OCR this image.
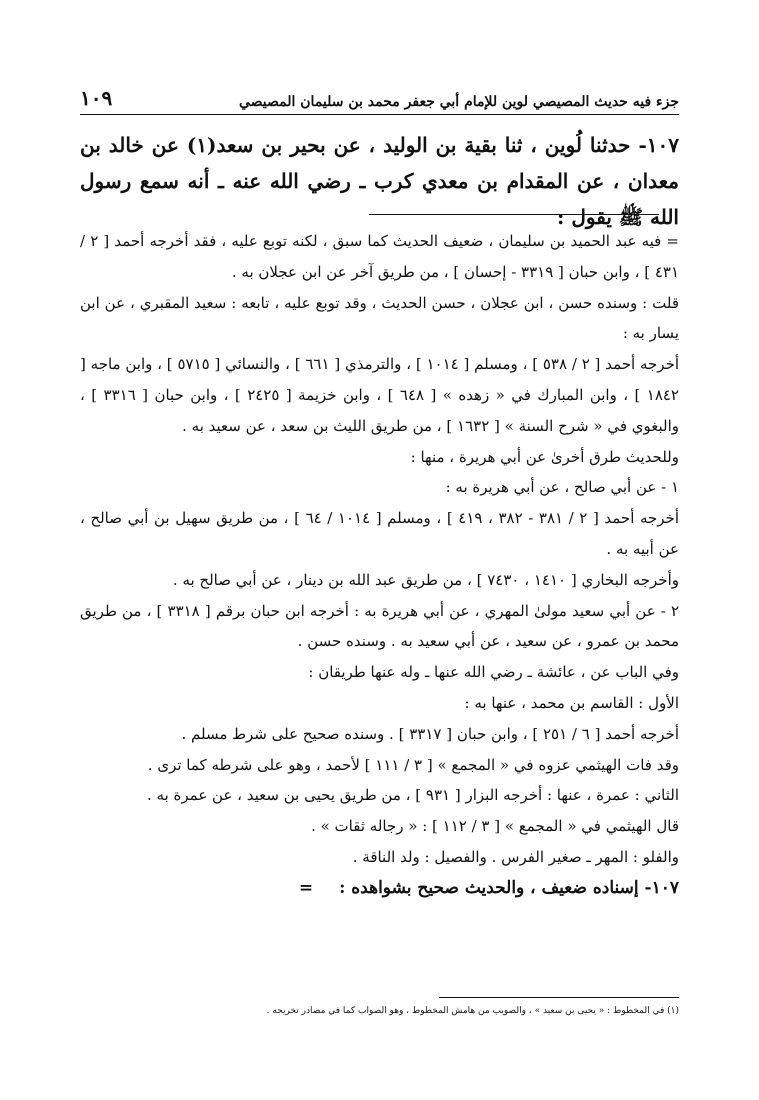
جزء فيه حديث المصيصي لوين للإمام أبي جعفر محمد بن سليمان المصيصي
١٠٩
١٠٧- حدثنا لُوين ، ثنا بقية بن الوليد ، عن بحير بن سعد(١) عن خالد بن معدان ، عن المقدام بن معدي كرب ـ رضي الله عنه ـ أنه سمع رسول الله ﷺ يقول :

= فيه عبد الحميد بن سليمان ، ضعيف الحديث كما سبق ، لكنه توبع عليه ، فقد أخرجه أحمد [ ٢ / ٤٣١ ] ، وابن حبان [ ٣٣١٩ - إحسان ] ، من طريق آخر عن ابن عجلان به .

قلت : وسنده حسن ، ابن عجلان ، حسن الحديث ، وقد توبع عليه ، تابعه : سعيد المقبري ، عن ابن يسار به :

أخرجه أحمد [ ٢ / ٥٣٨ ] ، ومسلم [ ١٠١٤ ] ، والترمذي [ ٦٦١ ] ، والنسائي [ ٥٧١٥ ] ، وابن ماجه [ ١٨٤٢ ] ، وابن المبارك في « زهده » [ ٦٤٨ ] ، وابن خزيمة [ ٢٤٢٥ ] ، وابن حبان [ ٣٣١٦ ] ، والبغوي في « شرح السنة » [ ١٦٣٢ ] ، من طريق الليث بن سعد ، عن سعيد به .

وللحديث طرق أخرىٰ عن أبي هريرة ، منها :

١ - عن أبي صالح ، عن أبي هريرة به :

أخرجه أحمد [ ٢ / ٣٨١ - ٣٨٢ ، ٤١٩ ] ، ومسلم [ ١٠١٤ / ٦٤ ] ، من طريق سهيل بن أبي صالح ، عن أبيه به .

وأخرجه البخاري [ ١٤١٠ ، ٧٤٣٠ ] ، من طريق عبد الله بن دينار ، عن أبي صالح به .

٢ - عن أبي سعيد مولىٰ المهري ، عن أبي هريرة به : أخرجه ابن حبان برقم [ ٣٣١٨ ] ، من طريق محمد بن عمرو ، عن سعيد ، عن أبي سعيد به . وسنده حسن .

وفي الباب عن ، عائشة ـ رضي الله عنها ـ وله عنها طريقان :

الأول : القاسم بن محمد ، عنها به :

أخرجه أحمد [ ٦ / ٢٥١ ] ، وابن حبان [ ٣٣١٧ ] . وسنده صحيح على شرط مسلم .

وقد فات الهيثمي عزوه في « المجمع » [ ٣ / ١١١ ] لأحمد ، وهو على شرطه كما ترى .

الثاني : عمرة ، عنها : أخرجه البزار [ ٩٣١ ] ، من طريق يحيى بن سعيد ، عن عمرة به .

قال الهيثمي في « المجمع » [ ٣ / ١١٢ ] : « رجاله ثقات » .

والفلو : المهر ـ صغير الفرس . والفصيل : ولد الناقة .

١٠٧- إسناده ضعيف ، والحديث صحيح بشواهده : =

(١) في المخطوط : « يحيى بن سعيد » ، والصويب من هامش المخطوط ، وهو الصواب كما في مصادر تخريجه .
